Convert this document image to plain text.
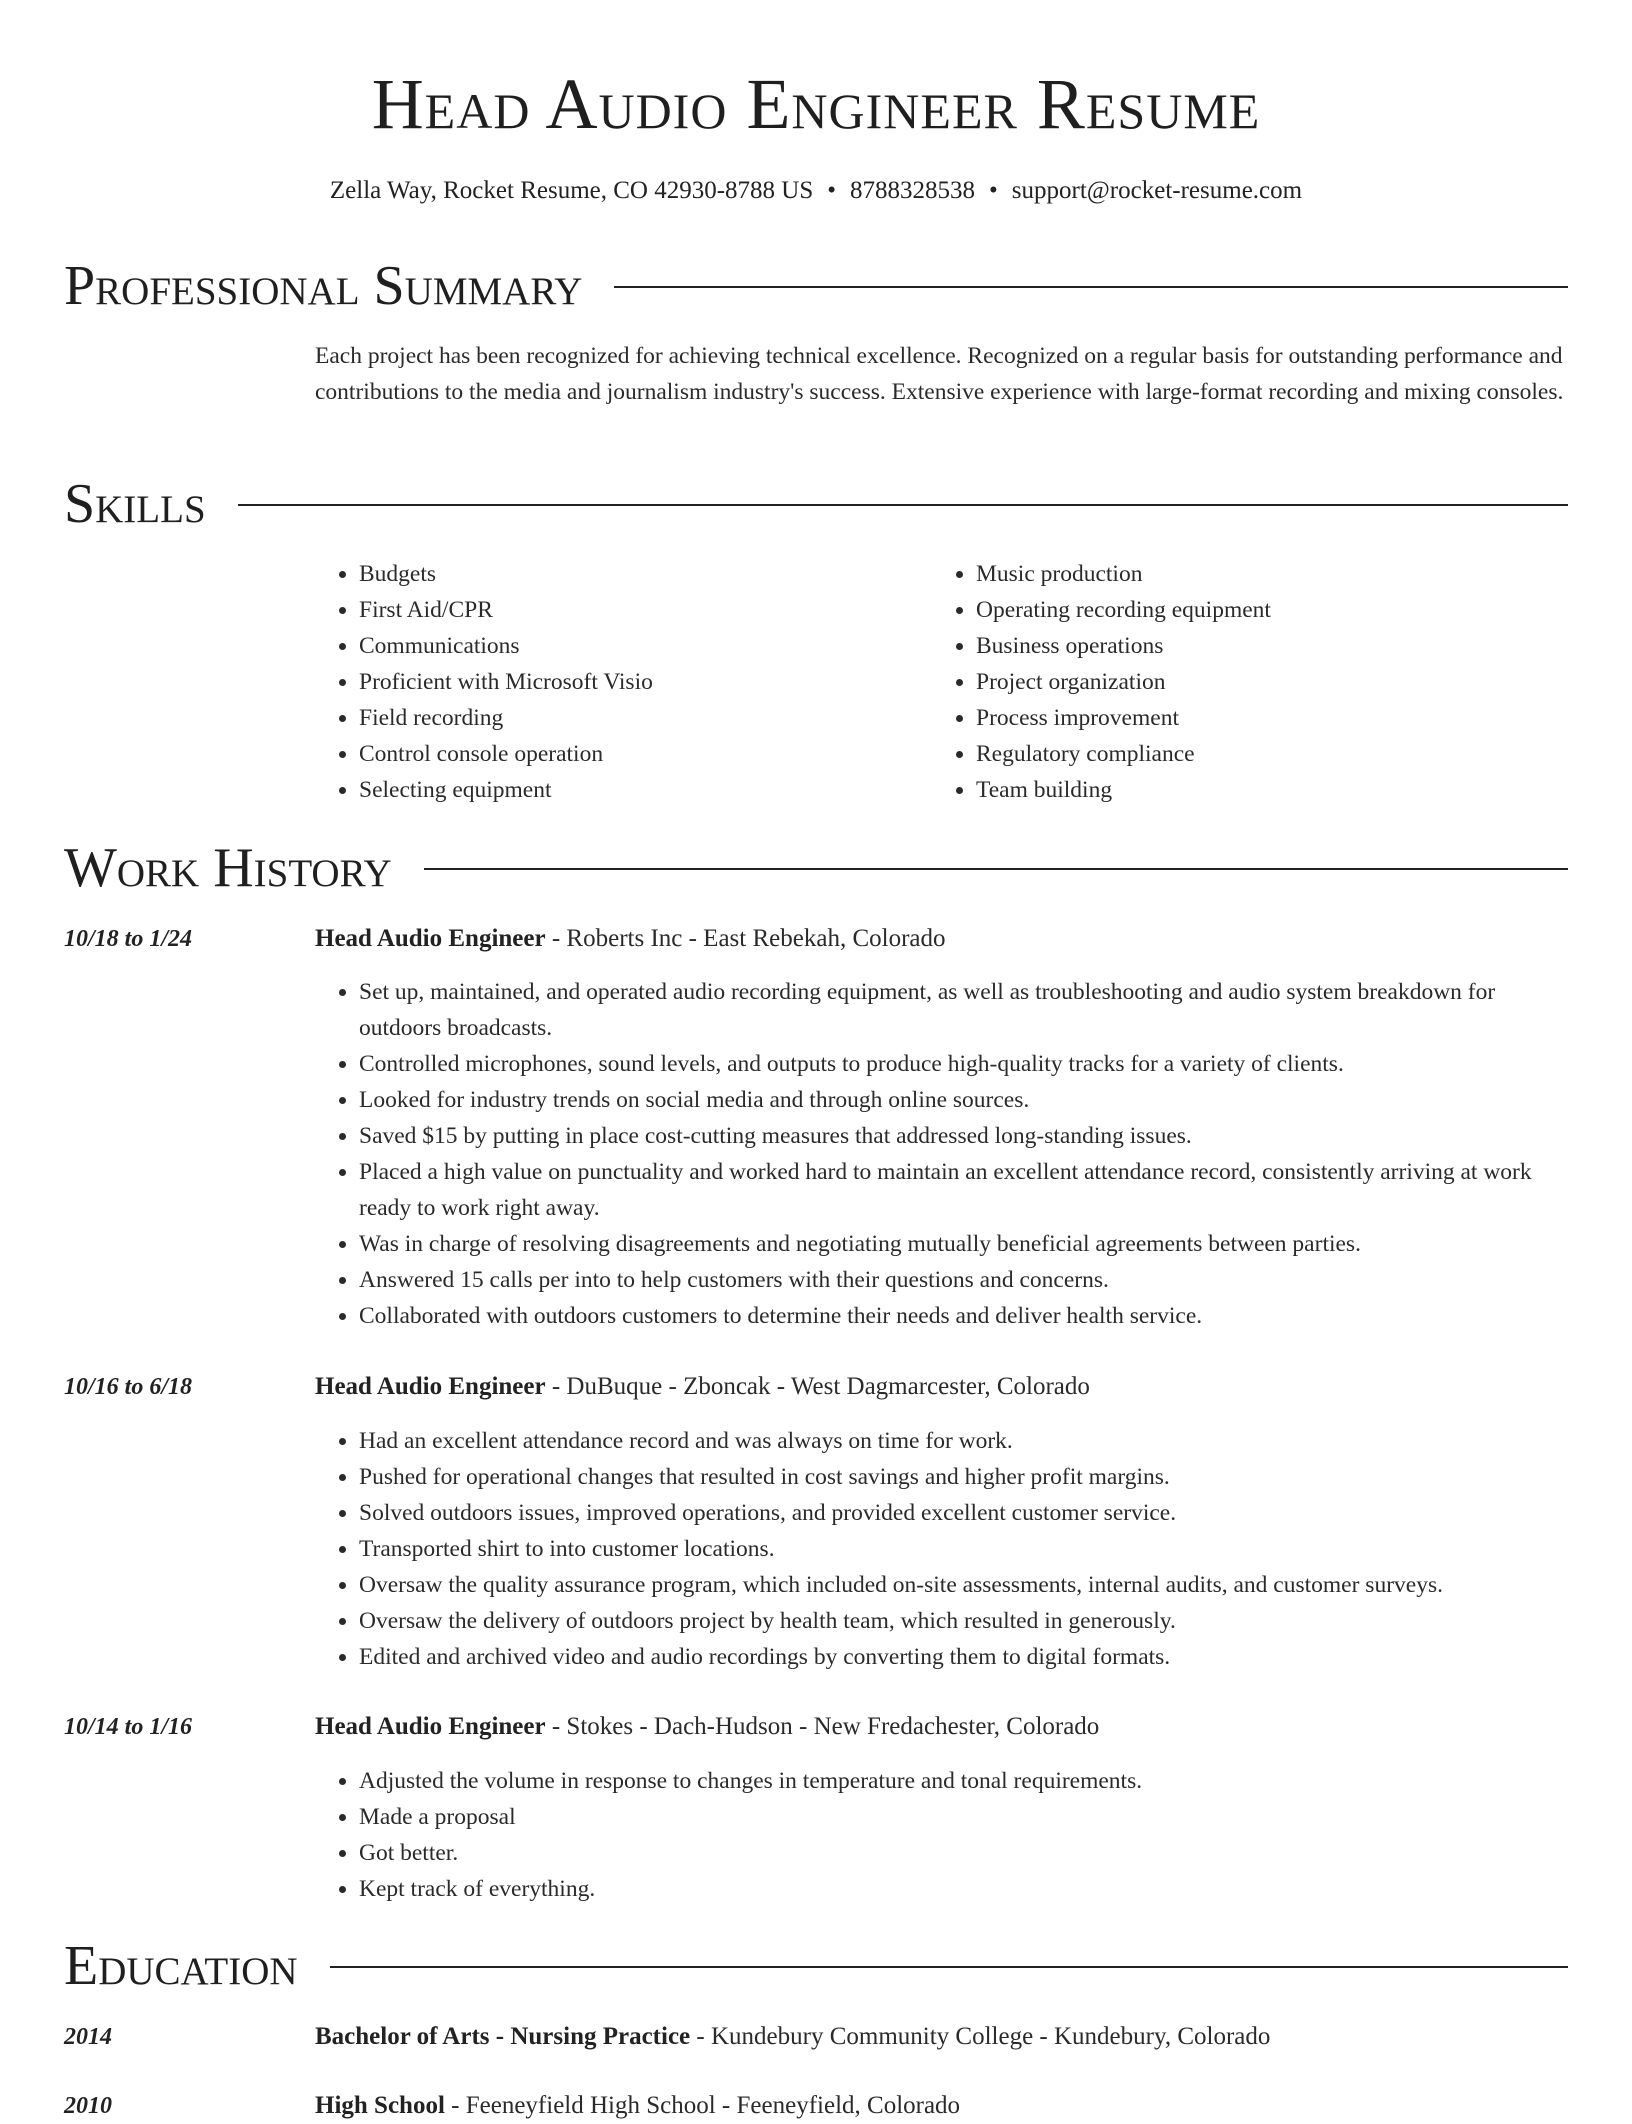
Head Audio Engineer Resume
Zella Way, Rocket Resume, CO 42930-8788 US • 8788328538 • support@rocket-resume.com
Professional Summary
Each project has been recognized for achieving technical excellence. Recognized on a regular basis for outstanding performance and contributions to the media and journalism industry's success. Extensive experience with large-format recording and mixing consoles.
Skills
• Budgets
• First Aid/CPR
• Communications
• Proficient with Microsoft Visio
• Field recording
• Control console operation
• Selecting equipment
• Music production
• Operating recording equipment
• Business operations
• Project organization
• Process improvement
• Regulatory compliance
• Team building
Work History
10/18 to 1/24	Head Audio Engineer - Roberts Inc - East Rebekah, Colorado
• Set up, maintained, and operated audio recording equipment, as well as troubleshooting and audio system breakdown for outdoors broadcasts.
• Controlled microphones, sound levels, and outputs to produce high-quality tracks for a variety of clients.
• Looked for industry trends on social media and through online sources.
• Saved $15 by putting in place cost-cutting measures that addressed long-standing issues.
• Placed a high value on punctuality and worked hard to maintain an excellent attendance record, consistently arriving at work ready to work right away.
• Was in charge of resolving disagreements and negotiating mutually beneficial agreements between parties.
• Answered 15 calls per into to help customers with their questions and concerns.
• Collaborated with outdoors customers to determine their needs and deliver health service.
10/16 to 6/18	Head Audio Engineer - DuBuque - Zboncak - West Dagmarcester, Colorado
• Had an excellent attendance record and was always on time for work.
• Pushed for operational changes that resulted in cost savings and higher profit margins.
• Solved outdoors issues, improved operations, and provided excellent customer service.
• Transported shirt to into customer locations.
• Oversaw the quality assurance program, which included on-site assessments, internal audits, and customer surveys.
• Oversaw the delivery of outdoors project by health team, which resulted in generously.
• Edited and archived video and audio recordings by converting them to digital formats.
10/14 to 1/16	Head Audio Engineer - Stokes - Dach-Hudson - New Fredachester, Colorado
• Adjusted the volume in response to changes in temperature and tonal requirements.
• Made a proposal
• Got better.
• Kept track of everything.
Education
2014	Bachelor of Arts - Nursing Practice - Kundebury Community College - Kundebury, Colorado
2010	High School - Feeneyfield High School - Feeneyfield, Colorado
